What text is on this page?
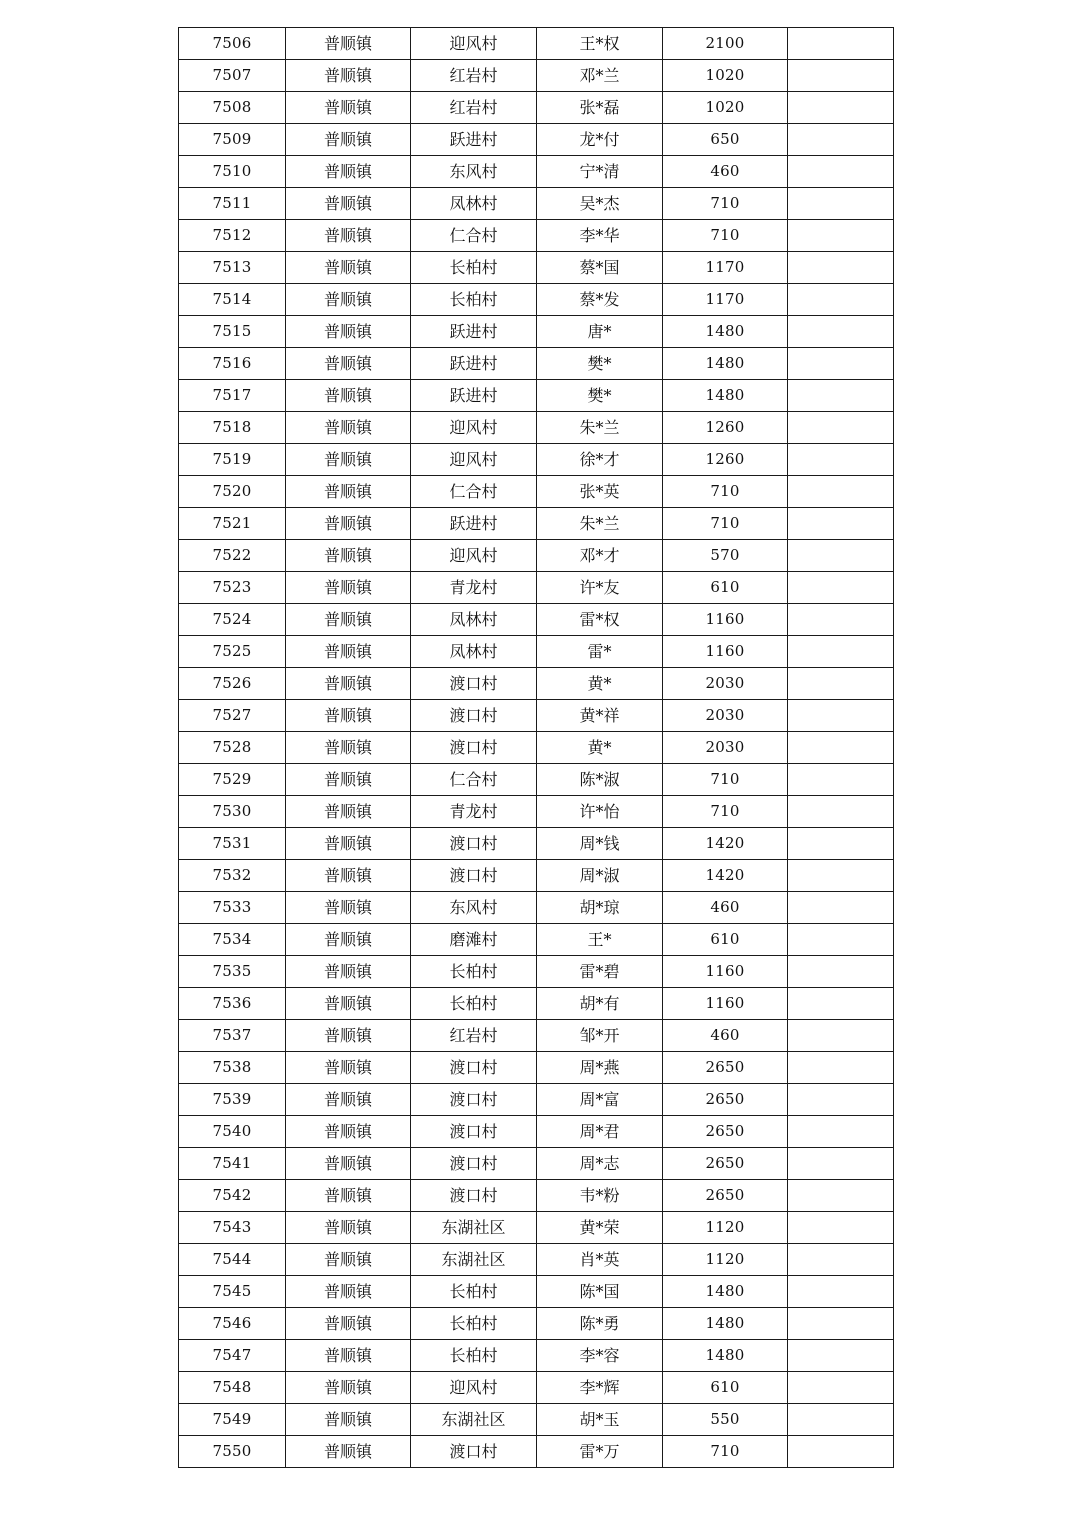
7506	普顺镇	迎风村	王*权	2100	
7507	普顺镇	红岩村	邓*兰	1020	
7508	普顺镇	红岩村	张*磊	1020	
7509	普顺镇	跃进村	龙*付	650	
7510	普顺镇	东风村	宁*清	460	
7511	普顺镇	凤林村	吴*杰	710	
7512	普顺镇	仁合村	李*华	710	
7513	普顺镇	长柏村	蔡*国	1170	
7514	普顺镇	长柏村	蔡*发	1170	
7515	普顺镇	跃进村	唐*	1480	
7516	普顺镇	跃进村	樊*	1480	
7517	普顺镇	跃进村	樊*	1480	
7518	普顺镇	迎风村	朱*兰	1260	
7519	普顺镇	迎风村	徐*才	1260	
7520	普顺镇	仁合村	张*英	710	
7521	普顺镇	跃进村	朱*兰	710	
7522	普顺镇	迎风村	邓*才	570	
7523	普顺镇	青龙村	许*友	610	
7524	普顺镇	凤林村	雷*权	1160	
7525	普顺镇	凤林村	雷*	1160	
7526	普顺镇	渡口村	黄*	2030	
7527	普顺镇	渡口村	黄*祥	2030	
7528	普顺镇	渡口村	黄*	2030	
7529	普顺镇	仁合村	陈*淑	710	
7530	普顺镇	青龙村	许*怡	710	
7531	普顺镇	渡口村	周*钱	1420	
7532	普顺镇	渡口村	周*淑	1420	
7533	普顺镇	东风村	胡*琼	460	
7534	普顺镇	磨滩村	王*	610	
7535	普顺镇	长柏村	雷*碧	1160	
7536	普顺镇	长柏村	胡*有	1160	
7537	普顺镇	红岩村	邹*开	460	
7538	普顺镇	渡口村	周*燕	2650	
7539	普顺镇	渡口村	周*富	2650	
7540	普顺镇	渡口村	周*君	2650	
7541	普顺镇	渡口村	周*志	2650	
7542	普顺镇	渡口村	韦*粉	2650	
7543	普顺镇	东湖社区	黄*荣	1120	
7544	普顺镇	东湖社区	肖*英	1120	
7545	普顺镇	长柏村	陈*国	1480	
7546	普顺镇	长柏村	陈*勇	1480	
7547	普顺镇	长柏村	李*容	1480	
7548	普顺镇	迎风村	李*辉	610	
7549	普顺镇	东湖社区	胡*玉	550	
7550	普顺镇	渡口村	雷*万	710	
